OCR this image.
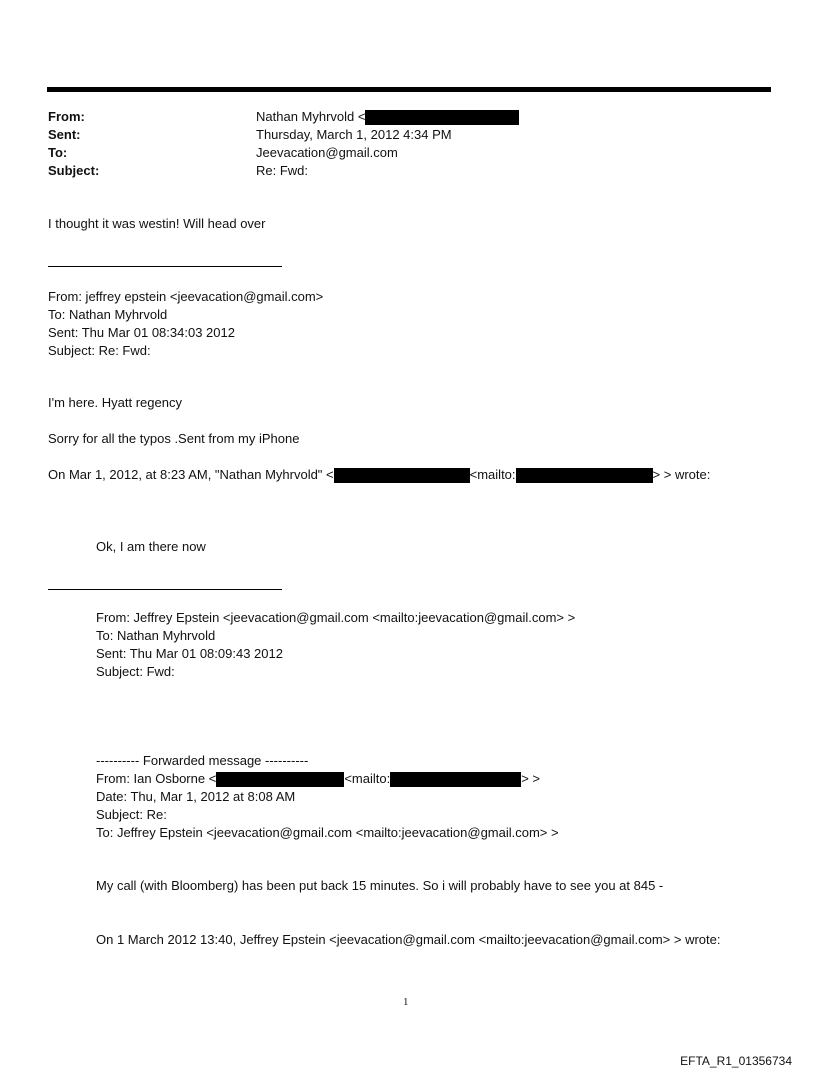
From:	Nathan Myhrvold <
Sent:	Thursday, March 1, 2012 4:34 PM
To:	Jeevacation@gmail.com
Subject:	Re: Fwd:
I thought it was westin! Will head over
From: jeffrey epstein <jeevacation@gmail.com>
To: Nathan Myhrvold
Sent: Thu Mar 01 08:34:03 2012
Subject: Re: Fwd:
I'm here. Hyatt regency
Sorry for all the typos .Sent from my iPhone
On Mar 1, 2012, at 8:23 AM, "Nathan Myhrvold" <	<mailto:	> > wrote:
Ok, I am there now
From: Jeffrey Epstein <jeevacation@gmail.com <mailto:jeevacation@gmail.com> >
To: Nathan Myhrvold
Sent: Thu Mar 01 08:09:43 2012
Subject: Fwd:
---------- Forwarded message ----------
From: Ian Osborne <	<mailto:	> >
Date: Thu, Mar 1, 2012 at 8:08 AM
Subject: Re:
To: Jeffrey Epstein <jeevacation@gmail.com <mailto:jeevacation@gmail.com> >
My call (with Bloomberg) has been put back 15 minutes. So i will probably have to see you at 845 -
On 1 March 2012 13:40, Jeffrey Epstein <jeevacation@gmail.com <mailto:jeevacation@gmail.com> > wrote:
1
EFTA_R1_01356734
